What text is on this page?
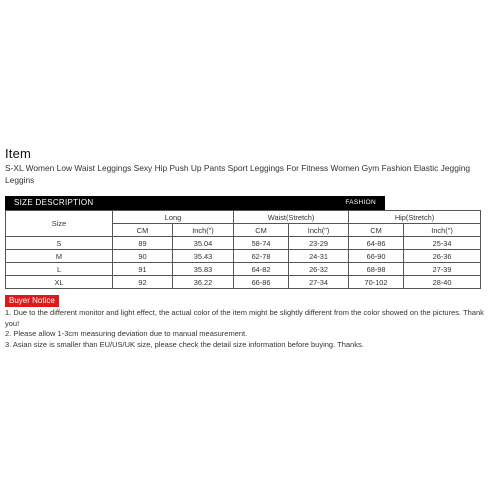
Item
S-XL Women Low Waist Leggings Sexy Hip Push Up Pants Sport Leggings For Fitness Women Gym Fashion Elastic Jegging Leggins
SIZE DESCRIPTION	FASHION
Size	Long		Waist(Stretch)		Hip(Stretch)	
	CM	Inch(")	CM	Inch(")	CM	Inch(")
S	89	35.04	58-74	23-29	64-86	25-34
M	90	35.43	62-78	24-31	66-90	26-36
L	91	35.83	64-82	26-32	68-98	27-39
XL	92	36.22	66-86	27-34	70-102	28-40
Buyer Notice
1. Due to the different monitor and light effect, the actual color of the item might be slightly different from the color showed on the pictures. Thank you!
2. Please allow 1-3cm measuring deviation due to manual measurement.
3. Asian size is smaller than EU/US/UK size, please check the detail size information before buying. Thanks.
